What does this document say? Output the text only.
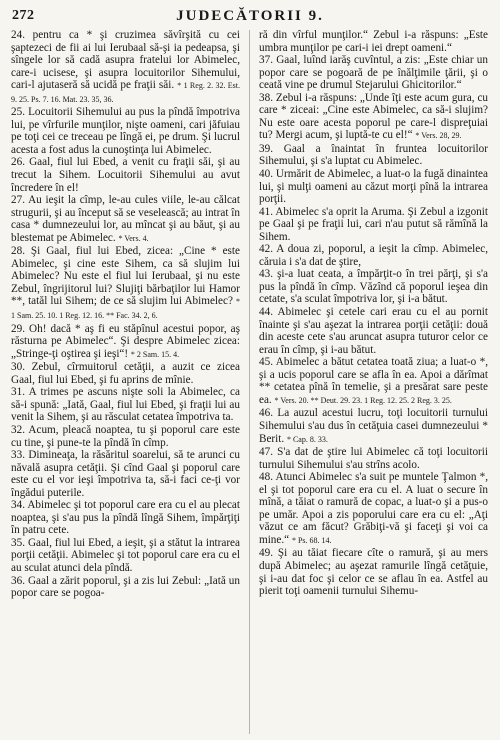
272	JUDECĂTORII 9.

24. pentru ca * şi cruzimea săvîrşită cu cei şaptezeci de fii ai lui Ierubaal să-şi ia pedeapsa, şi sîngele lor să cadă asupra fratelui lor Abimelec, care-i ucisese, şi asupra locuitorilor Sihemului, cari-l ajutaseră să ucidă pe fraţii săi. * 1 Reg. 2. 32. Est. 9. 25. Ps. 7. 16. Mat. 23. 35, 36.

25. Locuitorii Sihemului au pus la pîndă împotriva lui, pe vîrfurile munţilor, nişte oameni, cari jăfuiau pe toţi cei ce treceau pe lîngă ei, pe drum. Şi lucrul acesta a fost adus la cunoştinţa lui Abimelec.

26. Gaal, fiul lui Ebed, a venit cu fraţii săi, şi au trecut la Sihem. Locuitorii Sihemului au avut încredere în el!

27. Au ieşit la cîmp, le-au cules viile, le-au călcat strugurii, şi au început să se veselească; au intrat în casa * dumnezeului lor, au mîncat şi au băut, şi au blestemat pe Abimelec. * Vers. 4.

28. Şi Gaal, fiul lui Ebed, zicea: „Cine * este Abimelec, şi cine este Sihem, ca să slujim lui Abimelec? Nu este el fiul lui Ierubaal, şi nu este Zebul, îngrijitorul lui? Slujiţi bărbaţilor lui Hamor **, tatăl lui Sihem; de ce să slujim lui Abimelec? * 1 Sam. 25. 10. 1 Reg. 12. 16. ** Fac. 34. 2, 6.

29. Oh! dacă * aş fi eu stăpînul acestui popor, aş răsturna pe Abimelec“. Şi despre Abimelec zicea: „Stringe-ţi oştirea şi ieşi“! * 2 Sam. 15. 4.

30. Zebul, cîrmuitorul cetăţii, a auzit ce zicea Gaal, fiul lui Ebed, şi fu aprins de mînie.

31. A trimes pe ascuns nişte soli la Abimelec, ca să-i spună: „Iată, Gaal, fiul lui Ebed, şi fraţii lui au venit la Sihem, şi au răsculat cetatea împotriva ta.

32. Acum, pleacă noaptea, tu şi poporul care este cu tine, şi pune-te la pîndă în cîmp.

33. Dimineaţa, la răsăritul soarelui, să te arunci cu năvală asupra cetăţii. Şi cînd Gaal şi poporul care este cu el vor ieşi împotriva ta, să-i faci ce-ţi vor îngădui puterile.

34. Abimelec şi tot poporul care era cu el au plecat noaptea, şi s'au pus la pîndă lîngă Sihem, împărţiţi în patru cete.

35. Gaal, fiul lui Ebed, a ieşit, şi a stătut la intrarea porţii cetăţii. Abimelec şi tot poporul care era cu el au sculat atunci dela pîndă.

36. Gaal a zărit poporul, şi a zis lui Zebul: „Iată un popor care se pogoa-

ră din vîrful munţilor.“ Zebul i-a răspuns: „Este umbra munţilor pe cari-i iei drept oameni.“

37. Gaal, luînd iarăş cuvîntul, a zis: „Este chiar un popor care se pogoară de pe înălţimile ţării, şi o ceată vine pe drumul Stejarului Ghicitorilor.“

38. Zebul i-a răspuns: „Unde îţi este acum gura, cu care * ziceai: „Cine este Abimelec, ca să-i slujim? Nu este oare acesta poporul pe care-l dispreţuiai tu? Mergi acum, şi luptă-te cu el!“ * Vers. 28, 29.

39. Gaal a înaintat în fruntea locuitorilor Sihemului, şi s'a luptat cu Abimelec.

40. Urmărit de Abimelec, a luat-o la fugă dinaintea lui, şi mulţi oameni au căzut morţi pînă la intrarea porţii.

41. Abimelec s'a oprit la Aruma. Şi Zebul a izgonit pe Gaal şi pe fraţii lui, cari n'au putut să rămînă la Sihem.

42. A doua zi, poporul, a ieşit la cîmp. Abimelec, căruia i s'a dat de ştire,

43. şi-a luat ceata, a împărţit-o în trei părţi, şi s'a pus la pîndă în cîmp. Văzînd că poporul ieşea din cetate, s'a sculat împotriva lor, şi i-a bătut.

44. Abimelec şi cetele cari erau cu el au pornit înainte şi s'au aşezat la intrarea porţii cetăţii: două din aceste cete s'au aruncat asupra tuturor celor ce erau în cîmp, şi i-au bătut.

45. Abimelec a bătut cetatea toată ziua; a luat-o *, şi a ucis poporul care se afla în ea. Apoi a dărîmat ** cetatea pînă în temelie, şi a presărat sare peste ea. * Vers. 20. ** Deut. 29. 23. 1 Reg. 12. 25. 2 Reg. 3. 25.

46. La auzul acestui lucru, toţi locuitorii turnului Sihemului s'au dus în cetăţuia casei dumnezeului * Berit. * Cap. 8. 33.

47. S'a dat de ştire lui Abimelec că toţi locuitorii turnului Sihemului s'au strîns acolo.

48. Atunci Abimelec s'a suit pe muntele Ţalmon *, el şi tot poporul care era cu el. A luat o secure în mînă, a tăiat o ramură de copac, a luat-o şi a pus-o pe umăr. Apoi a zis poporului care era cu el: „Aţi văzut ce am făcut? Grăbiţi-vă şi faceţi şi voi ca mine.“ * Ps. 68. 14.

49. Şi au tăiat fiecare cîte o ramură, şi au mers după Abimelec; au aşezat ramurile lîngă cetăţuie, şi i-au dat foc şi celor ce se aflau în ea. Astfel au pierit toţi oamenii turnului Sihemu-
